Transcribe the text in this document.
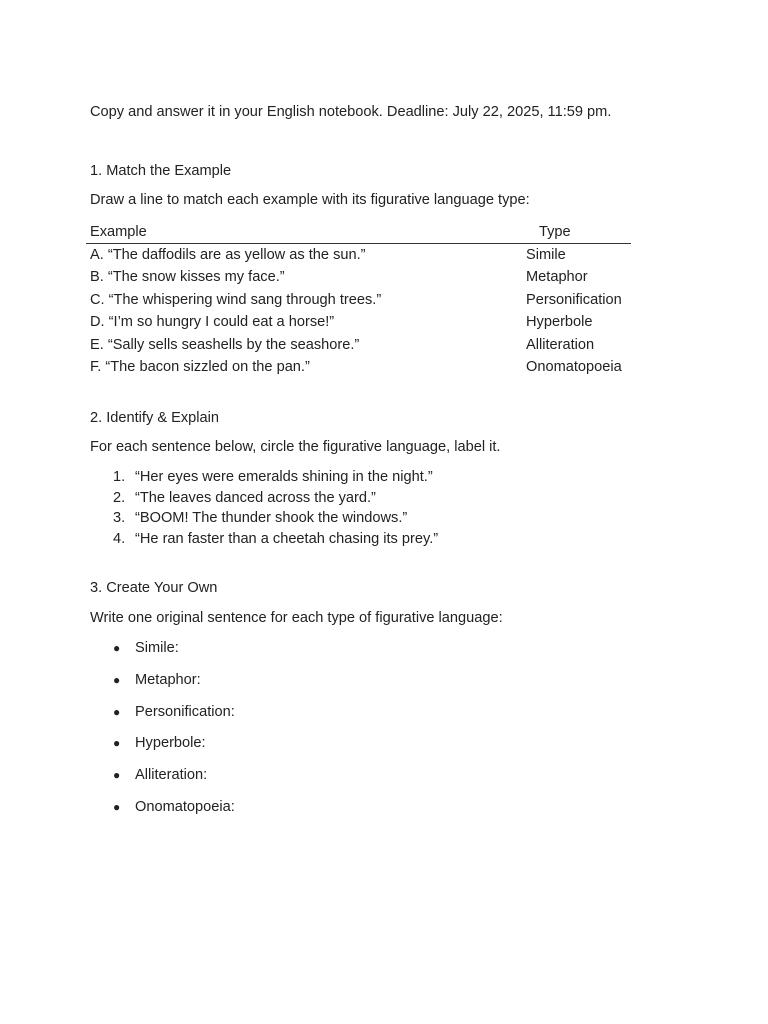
Copy and answer it in your English notebook. Deadline: July 22, 2025, 11:59 pm.
1. Match the Example
Draw a line to match each example with its figurative language type:
Example	Type
A. “The daffodils are as yellow as the sun.”	Simile
B. “The snow kisses my face.”	Metaphor
C. “The whispering wind sang through trees.”	Personification
D. “I’m so hungry I could eat a horse!”	Hyperbole
E. “Sally sells seashells by the seashore.”	Alliteration
F. “The bacon sizzled on the pan.”	Onomatopoeia
2. Identify & Explain
For each sentence below, circle the figurative language, label it.
1. “Her eyes were emeralds shining in the night.”
2. “The leaves danced across the yard.”
3. “BOOM! The thunder shook the windows.”
4. “He ran faster than a cheetah chasing its prey.”
3. Create Your Own
Write one original sentence for each type of figurative language:
● Simile:
● Metaphor:
● Personification:
● Hyperbole:
● Alliteration:
● Onomatopoeia:
